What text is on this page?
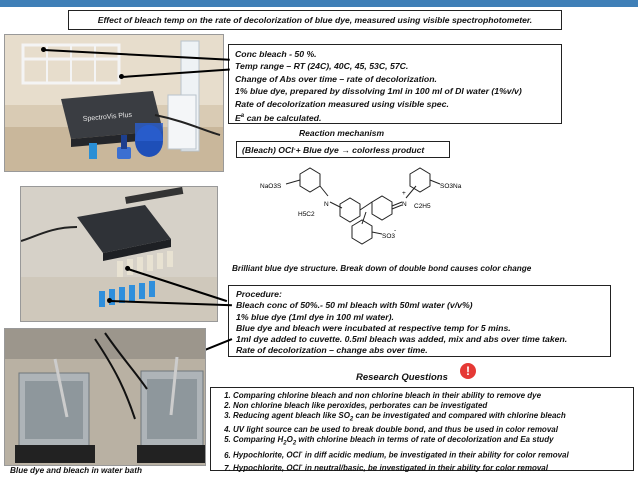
Effect of bleach temp on the rate of decolorization of blue dye, measured using visible spectrophotometer.
SpectroVis Plus
Conc bleach - 50 %.
Temp range – RT (24C), 40C, 45, 53C, 57C.
Change of Abs over time – rate of decolorization.
1% blue dye, prepared by dissolving 1ml in 100 ml of DI water (1%v/v)
Rate of decolorization measured using visible spec.
$E^a$ can be calculated.
Reaction mechanism
(Bleach) OCl - + Blue dye → colorless product
NaO3S
N
H5C2
+
N C2H5
SO3Na
SO3
-
Brilliant blue dye structure. Break down of double bond causes color change
Procedure:
Bleach conc of 50%.- 50 ml bleach with 50ml water (v/v%)
1% blue dye (1ml dye in 100 ml water).
Blue dye and bleach were incubated at respective temp for 5 mins.
1ml dye added to cuvette. 0.5ml bleach was added, mix and abs over time taken.
Rate of decolorization – change abs over time.
Blue dye and bleach in water bath
Research Questions	!
1. Comparing chlorine bleach and non chlorine bleach in their ability to remove dye
2. Non chlorine bleach like peroxides, perborates can be investigated
3. Reducing agent bleach like $SO_2$ can be investigated and compared with chlorine bleach
4. UV light source can be used to break double bond, and thus be used in color removal
5. Comparing $H_2O_2$ with chlorine bleach in terms of rate of decolorization and Ea study
6. Hypochlorite, OCl- in diff acidic medium, be investigated in their ability for color removal
7. Hypochlorite, OCl- in neutral/basic, be investigated in their ability for color removal
